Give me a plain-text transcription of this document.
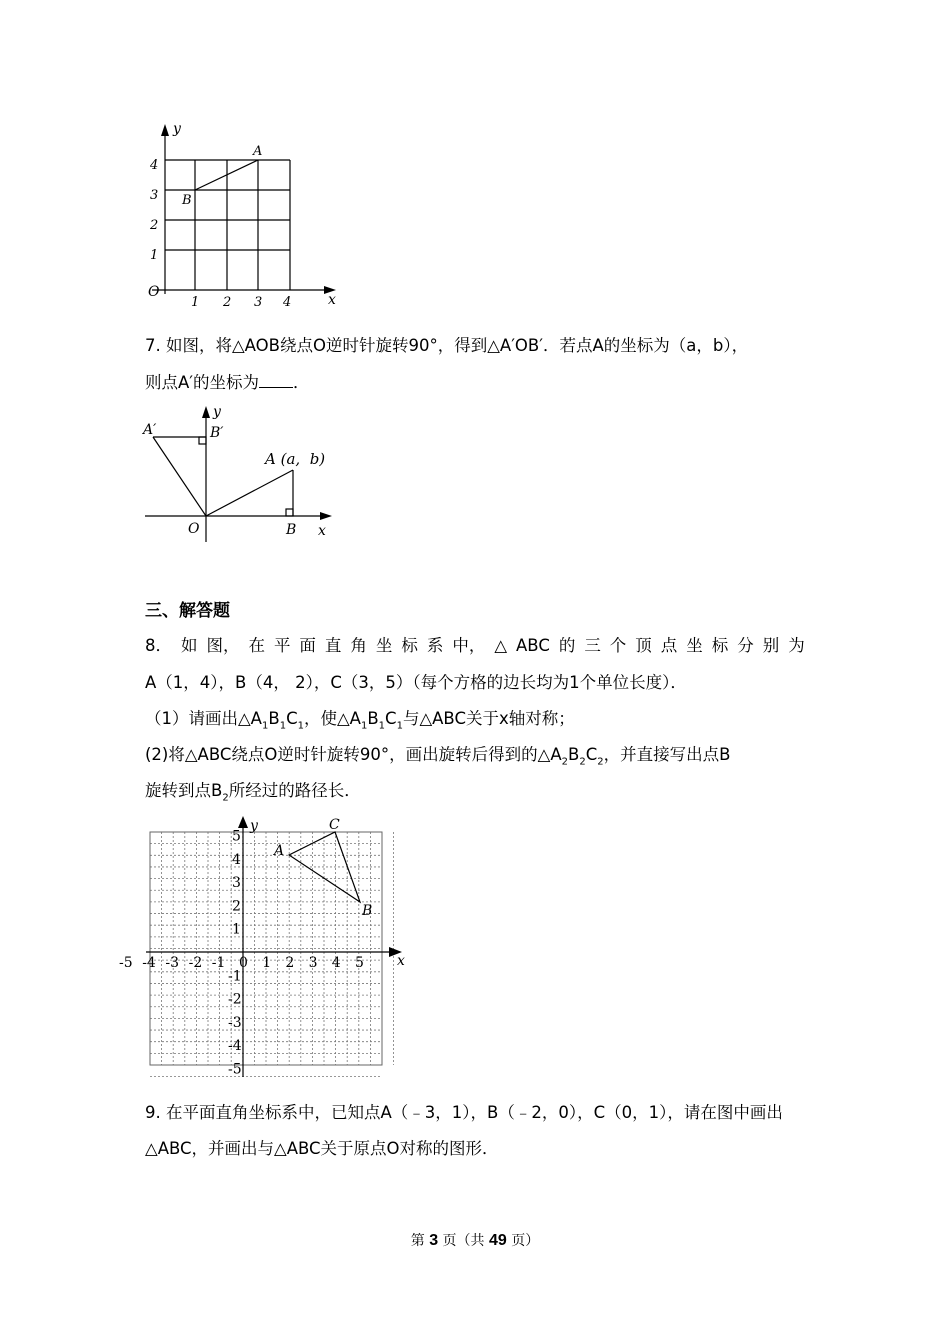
y
x
O
A
B
1 2 3 4
4
3
2
1
7. 如图，将△AOB绕点O逆时针旋转90°，得到△A′OB′．若点A的坐标为（a，b），
则点A′的坐标为 ．
A′	B′
y
A (a,  b)
O	B x
三、解答题
8． 如 图， 在 平 面 直 角 坐 标 系 中， △ ABC 的 三 个 顶 点 坐 标 分 别 为
A（1，4），B（4， 2），C（3，5）（每个方格的边长均为1个单位长度）．
（1）请画出$\triangle A_1B_1C_1$，使$\triangle A_1B_1C_1$与△ABC关于x轴对称；
(2)将△ABC绕点O逆时针旋转90°，画出旋转后得到的$\triangle A_2B_2C_2$，并直接写出点B
旋转到点$B_2$所经过的路径长．
-5 -4 -3 -2 -1 0 1 2 3 4 5
5
4
3
2
1
-1
-2
-3
-4
-5
x
y
A
C
B
9. 在平面直角坐标系中，已知点A（﹣3，1），B（﹣2，0），C（0，1），请在图中画出
△ABC，并画出与△ABC关于原点O对称的图形．
第 3 页（共 49 页）
